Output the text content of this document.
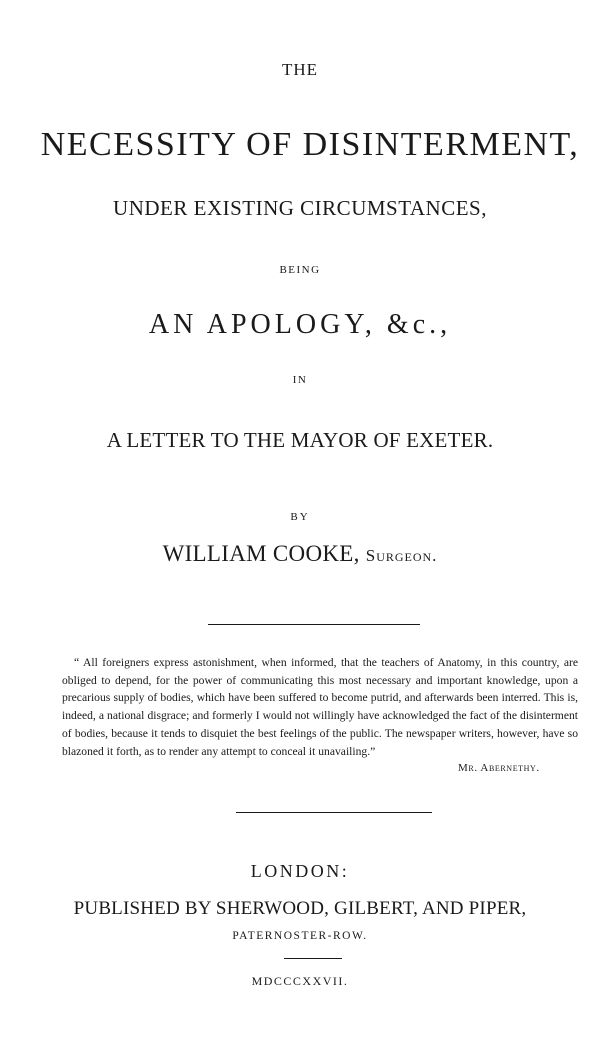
THE
NECESSITY OF DISINTERMENT,
UNDER EXISTING CIRCUMSTANCES,
BEING
AN APOLOGY, &c.,
IN
A LETTER TO THE MAYOR OF EXETER.
BY
WILLIAM COOKE, Surgeon.

“ All foreigners express astonishment, when informed, that the teachers of Anatomy, in this country, are obliged to depend, for the power of communicating this most necessary and important knowledge, upon a precarious supply of bodies, which have been suffered to become putrid, and afterwards been interred. This is, indeed, a national disgrace; and formerly I would not willingly have acknowledged the fact of the disinterment of bodies, because it tends to disquiet the best feelings of the public. The newspaper writers, however, have so blazoned it forth, as to render any attempt to conceal it unavailing.”

Mr. Abernethy.
LONDON:
PUBLISHED BY SHERWOOD, GILBERT, AND PIPER,
PATERNOSTER-ROW.
MDCCCXXVII.
